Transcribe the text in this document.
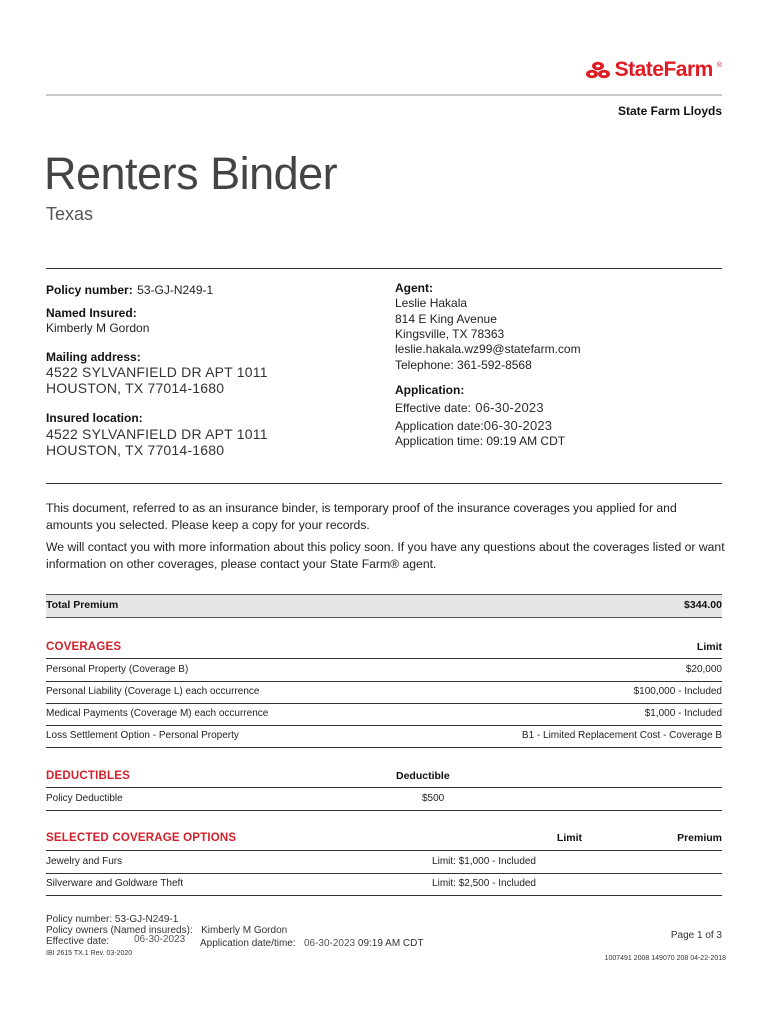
StateFarm ®
State Farm Lloyds
Renters Binder
Texas
Policy number: 53-GJ-N249-1
Named Insured:
Kimberly M Gordon
Mailing address:
4522 SYLVANFIELD DR APT 1011
HOUSTON, TX 77014-1680
Insured location:
4522 SYLVANFIELD DR APT 1011
HOUSTON, TX 77014-1680
Agent:
Leslie Hakala
814 E King Avenue
Kingsville, TX 78363
leslie.hakala.wz99@statefarm.com
Telephone: 361-592-8568
Application:
Effective date: 06-30-2023
Application date:06-30-2023
Application time: 09:19 AM CDT
This document, referred to as an insurance binder, is temporary proof of the insurance coverages you applied for and amounts you selected. Please keep a copy for your records.
We will contact you with more information about this policy soon. If you have any questions about the coverages listed or want information on other coverages, please contact your State Farm® agent.
Total Premium	$344.00
COVERAGES	Limit
Personal Property (Coverage B)	$20,000
Personal Liability (Coverage L) each occurrence	$100,000 - Included
Medical Payments (Coverage M) each occurrence	$1,000 - Included
Loss Settlement Option - Personal Property	B1 - Limited Replacement Cost - Coverage B
DEDUCTIBLES	Deductible
Policy Deductible	$500
SELECTED COVERAGE OPTIONS	Limit	Premium
Jewelry and Furs	Limit: $1,000 - Included
Silverware and Goldware Theft	Limit: $2,500 - Included
Policy number: 53-GJ-N249-1
Policy owners (Named insureds): Kimberly M Gordon
Effective date: 06-30-2023 Application date/time: 06-30-2023 09:19 AM CDT
IBI 2615 TX.1 Rev. 03-2020
Page 1 of 3
1007491 2008 149070 208 04-22-2018
